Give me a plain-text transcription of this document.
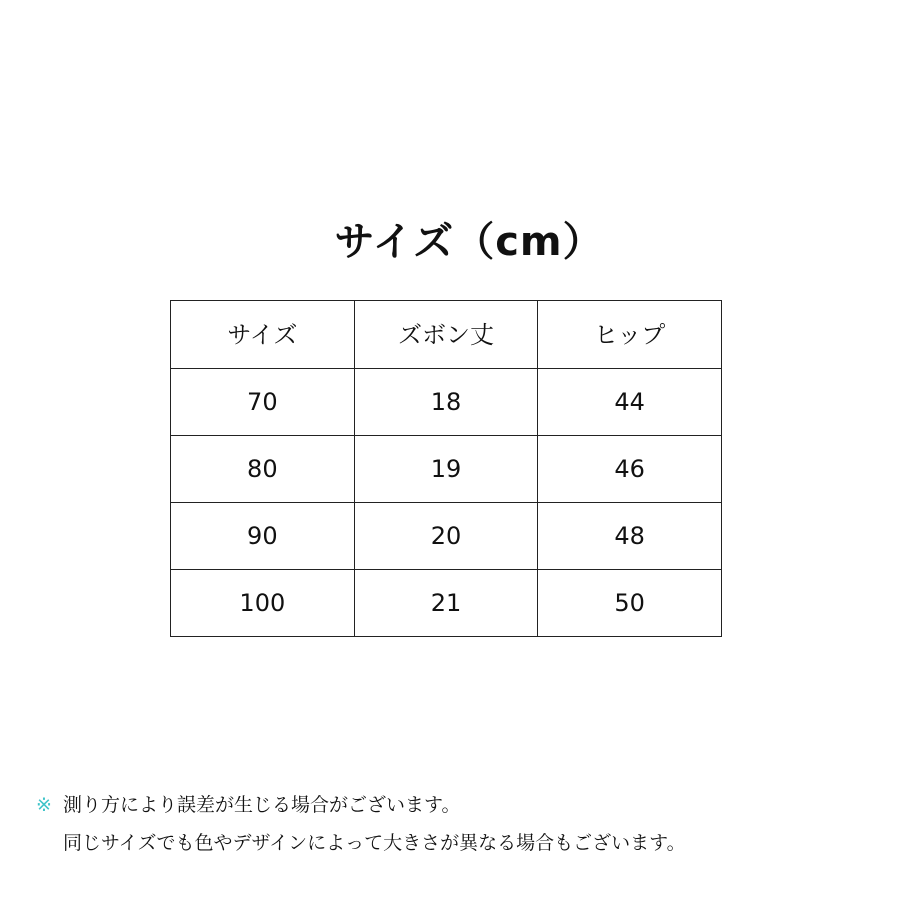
サイズ（cm）
サイズ	ズボン丈	ヒップ
70	18	44
80	19	46
90	20	48
100	21	50
※ 測り方により誤差が生じる場合がございます。
同じサイズでも色やデザインによって大きさが異なる場合もございます。
